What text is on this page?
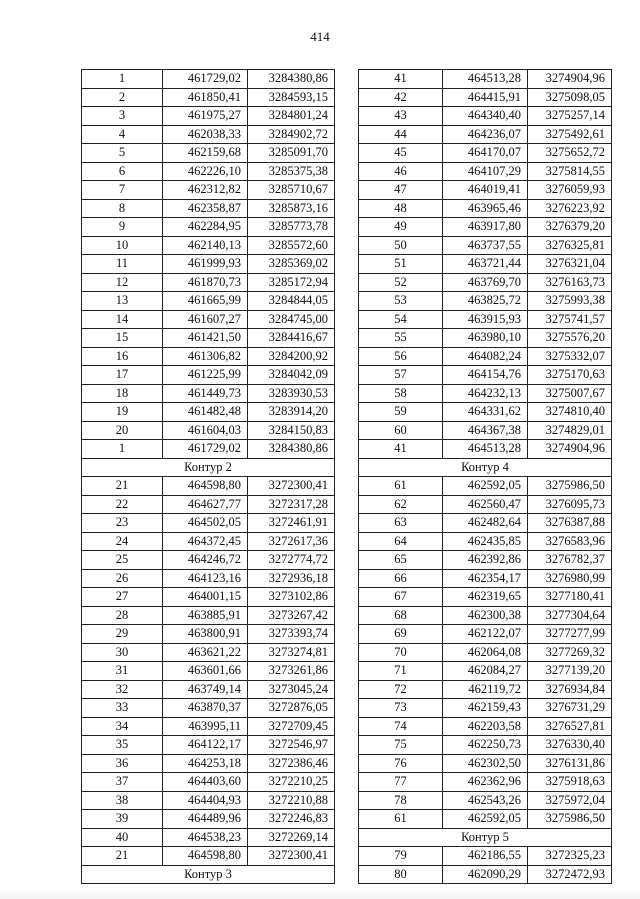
414
1	461729,02	3284380,86
2	461850,41	3284593,15
3	461975,27	3284801,24
4	462038,33	3284902,72
5	462159,68	3285091,70
6	462226,10	3285375,38
7	462312,82	3285710,67
8	462358,87	3285873,16
9	462284,95	3285773,78
10	462140,13	3285572,60
11	461999,93	3285369,02
12	461870,73	3285172,94
13	461665,99	3284844,05
14	461607,27	3284745,00
15	461421,50	3284416,67
16	461306,82	3284200,92
17	461225,99	3284042,09
18	461449,73	3283930,53
19	461482,48	3283914,20
20	461604,03	3284150,83
1	461729,02	3284380,86
Контур 2		
21	464598,80	3272300,41
22	464627,77	3272317,28
23	464502,05	3272461,91
24	464372,45	3272617,36
25	464246,72	3272774,72
26	464123,16	3272936,18
27	464001,15	3273102,86
28	463885,91	3273267,42
29	463800,91	3273393,74
30	463621,22	3273274,81
31	463601,66	3273261,86
32	463749,14	3273045,24
33	463870,37	3272876,05
34	463995,11	3272709,45
35	464122,17	3272546,97
36	464253,18	3272386,46
37	464403,60	3272210,25
38	464404,93	3272210,88
39	464489,96	3272246,83
40	464538,23	3272269,14
21	464598,80	3272300,41
Контур 3		
41	464513,28	3274904,96
42	464415,91	3275098,05
43	464340,40	3275257,14
44	464236,07	3275492,61
45	464170,07	3275652,72
46	464107,29	3275814,55
47	464019,41	3276059,93
48	463965,46	3276223,92
49	463917,80	3276379,20
50	463737,55	3276325,81
51	463721,44	3276321,04
52	463769,70	3276163,73
53	463825,72	3275993,38
54	463915,93	3275741,57
55	463980,10	3275576,20
56	464082,24	3275332,07
57	464154,76	3275170,63
58	464232,13	3275007,67
59	464331,62	3274810,40
60	464367,38	3274829,01
41	464513,28	3274904,96
Контур 4		
61	462592,05	3275986,50
62	462560,47	3276095,73
63	462482,64	3276387,88
64	462435,85	3276583,96
65	462392,86	3276782,37
66	462354,17	3276980,99
67	462319,65	3277180,41
68	462300,38	3277304,64
69	462122,07	3277277,99
70	462064,08	3277269,32
71	462084,27	3277139,20
72	462119,72	3276934,84
73	462159,43	3276731,29
74	462203,58	3276527,81
75	462250,73	3276330,40
76	462302,50	3276131,86
77	462362,96	3275918,63
78	462543,26	3275972,04
61	462592,05	3275986,50
Контур 5		
79	462186,55	3272325,23
80	462090,29	3272472,93
